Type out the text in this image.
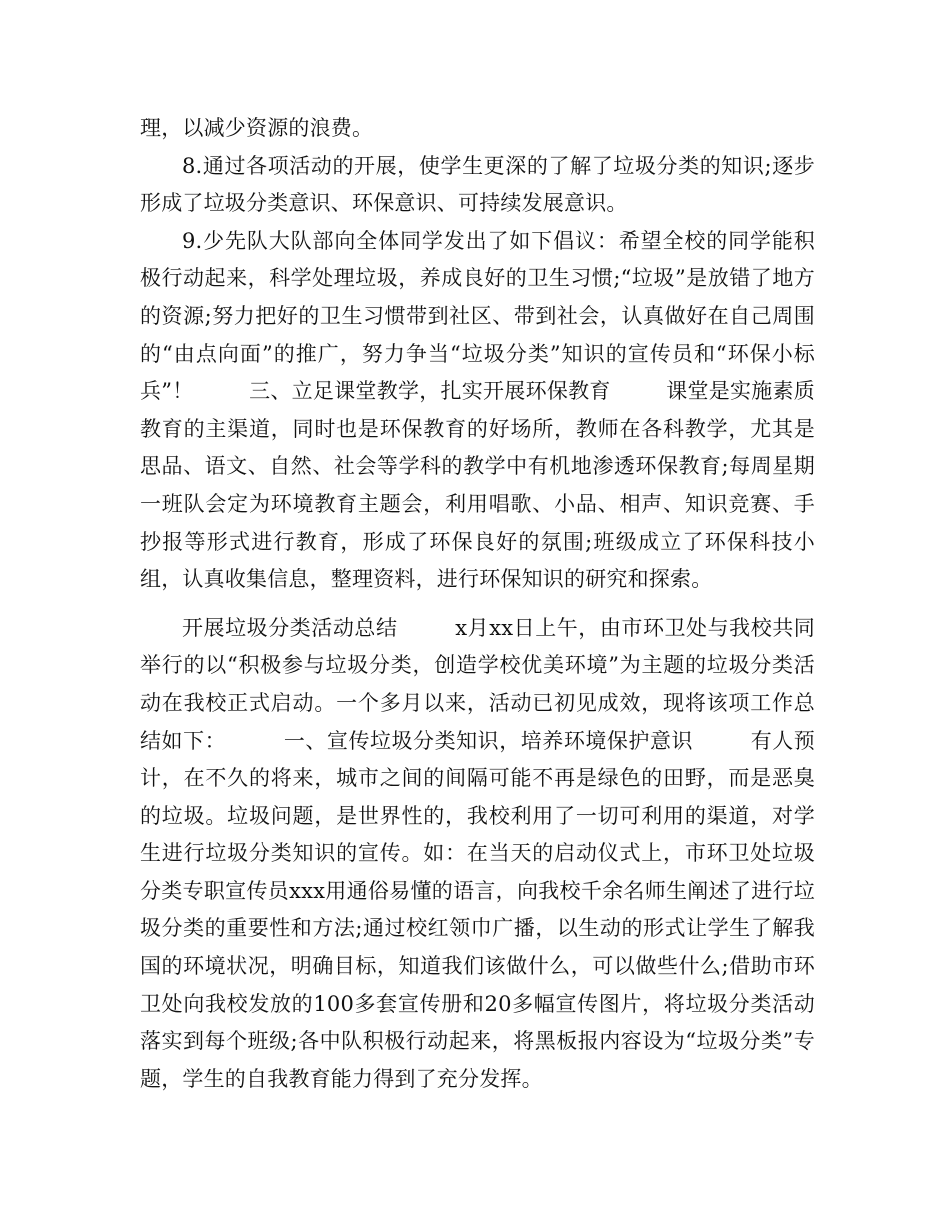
理，以减少资源的浪费。

8.通过各项活动的开展，使学生更深的了解了垃圾分类的知识;逐步形成了垃圾分类意识、环保意识、可持续发展意识。

9.少先队大队部向全体同学发出了如下倡议：希望全校的同学能积极行动起来，科学处理垃圾，养成良好的卫生习惯;“垃圾”是放错了地方的资源;努力把好的卫生习惯带到社区、带到社会，认真做好在自己周围的“由点向面”的推广，努力争当“垃圾分类”知识的宣传员和“环保小标兵”！        三、立足课堂教学，扎实开展环保教育        课堂是实施素质教育的主渠道，同时也是环保教育的好场所，教师在各科教学，尤其是思品、语文、自然、社会等学科的教学中有机地渗透环保教育;每周星期一班队会定为环境教育主题会，利用唱歌、小品、相声、知识竞赛、手抄报等形式进行教育，形成了环保良好的氛围;班级成立了环保科技小组，认真收集信息，整理资料，进行环保知识的研究和探索。

开展垃圾分类活动总结        x月xx日上午，由市环卫处与我校共同举行的以“积极参与垃圾分类，创造学校优美环境”为主题的垃圾分类活动在我校正式启动。一个多月以来，活动已初见成效，现将该项工作总结如下：        一、宣传垃圾分类知识，培养环境保护意识        有人预计，在不久的将来，城市之间的间隔可能不再是绿色的田野，而是恶臭的垃圾。垃圾问题，是世界性的，我校利用了一切可利用的渠道，对学生进行垃圾分类知识的宣传。如：在当天的启动仪式上，市环卫处垃圾分类专职宣传员xxx用通俗易懂的语言，向我校千余名师生阐述了进行垃圾分类的重要性和方法;通过校红领巾广播，以生动的形式让学生了解我国的环境状况，明确目标，知道我们该做什么，可以做些什么;借助市环卫处向我校发放的100多套宣传册和20多幅宣传图片，将垃圾分类活动落实到每个班级;各中队积极行动起来，将黑板报内容设为“垃圾分类”专题，学生的自我教育能力得到了充分发挥。
